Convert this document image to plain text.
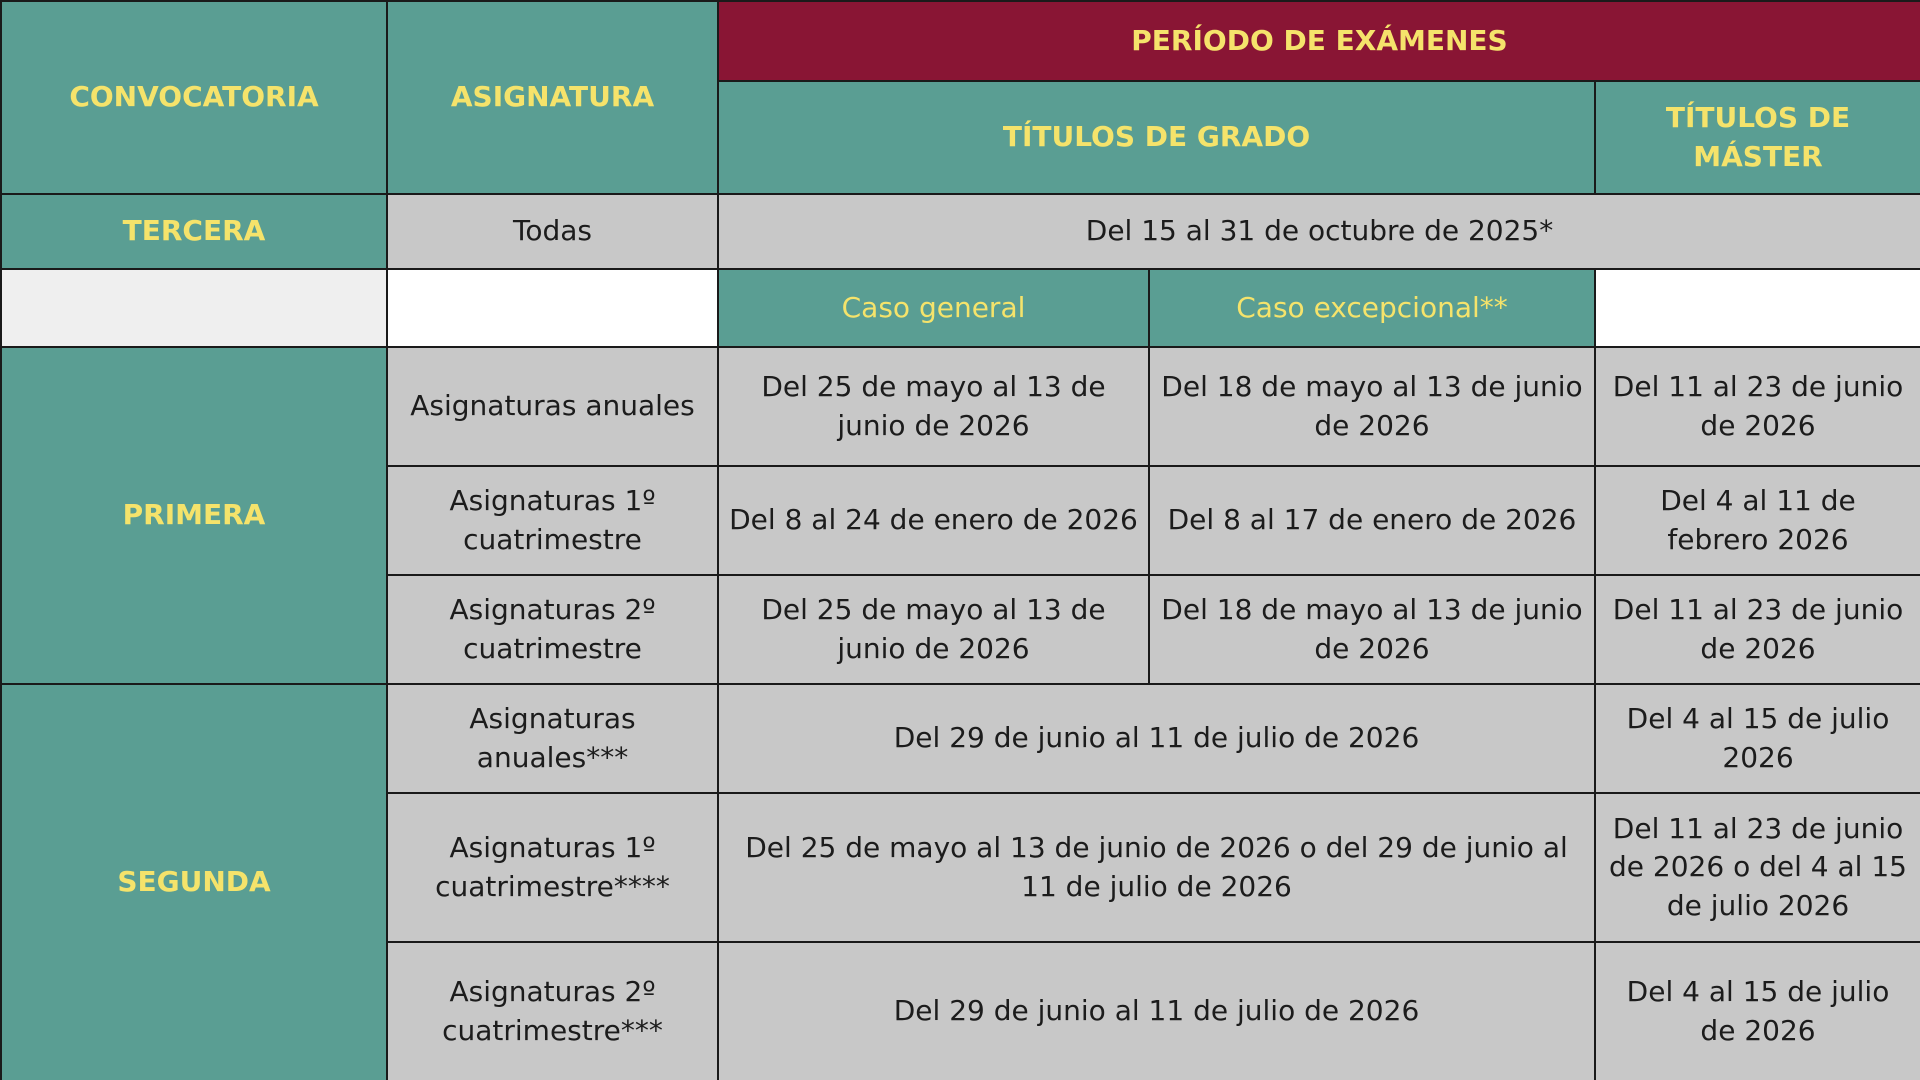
CONVOCATORIA	ASIGNATURA	PERÍODO DE EXÁMENES		
		TÍTULOS DE GRADO		TÍTULOS DE MÁSTER
TERCERA	Todas	Del 15 al 31 de octubre de 2025*		
		Caso general	Caso excepcional**	
PRIMERA	Asignaturas anuales	Del 25 de mayo al 13 de junio de 2026	Del 18 de mayo al 13 de junio de 2026	Del 11 al 23 de junio de 2026
	Asignaturas 1º cuatrimestre	Del 8 al 24 de enero de 2026	Del 8 al 17 de enero de 2026	Del 4 al 11 de febrero 2026
	Asignaturas 2º cuatrimestre	Del 25 de mayo al 13 de junio de 2026	Del 18 de mayo al 13 de junio de 2026	Del 11 al 23 de junio de 2026
SEGUNDA	Asignaturas anuales***	Del 29 de junio al 11 de julio de 2026		Del 4 al 15 de julio 2026
	Asignaturas 1º cuatrimestre****	Del 25 de mayo al 13 de junio de 2026 o del 29 de junio al 11 de julio de 2026		Del 11 al 23 de junio de 2026 o del 4 al 15 de julio 2026
	Asignaturas 2º cuatrimestre***	Del 29 de junio al 11 de julio de 2026		Del 4 al 15 de julio de 2026
